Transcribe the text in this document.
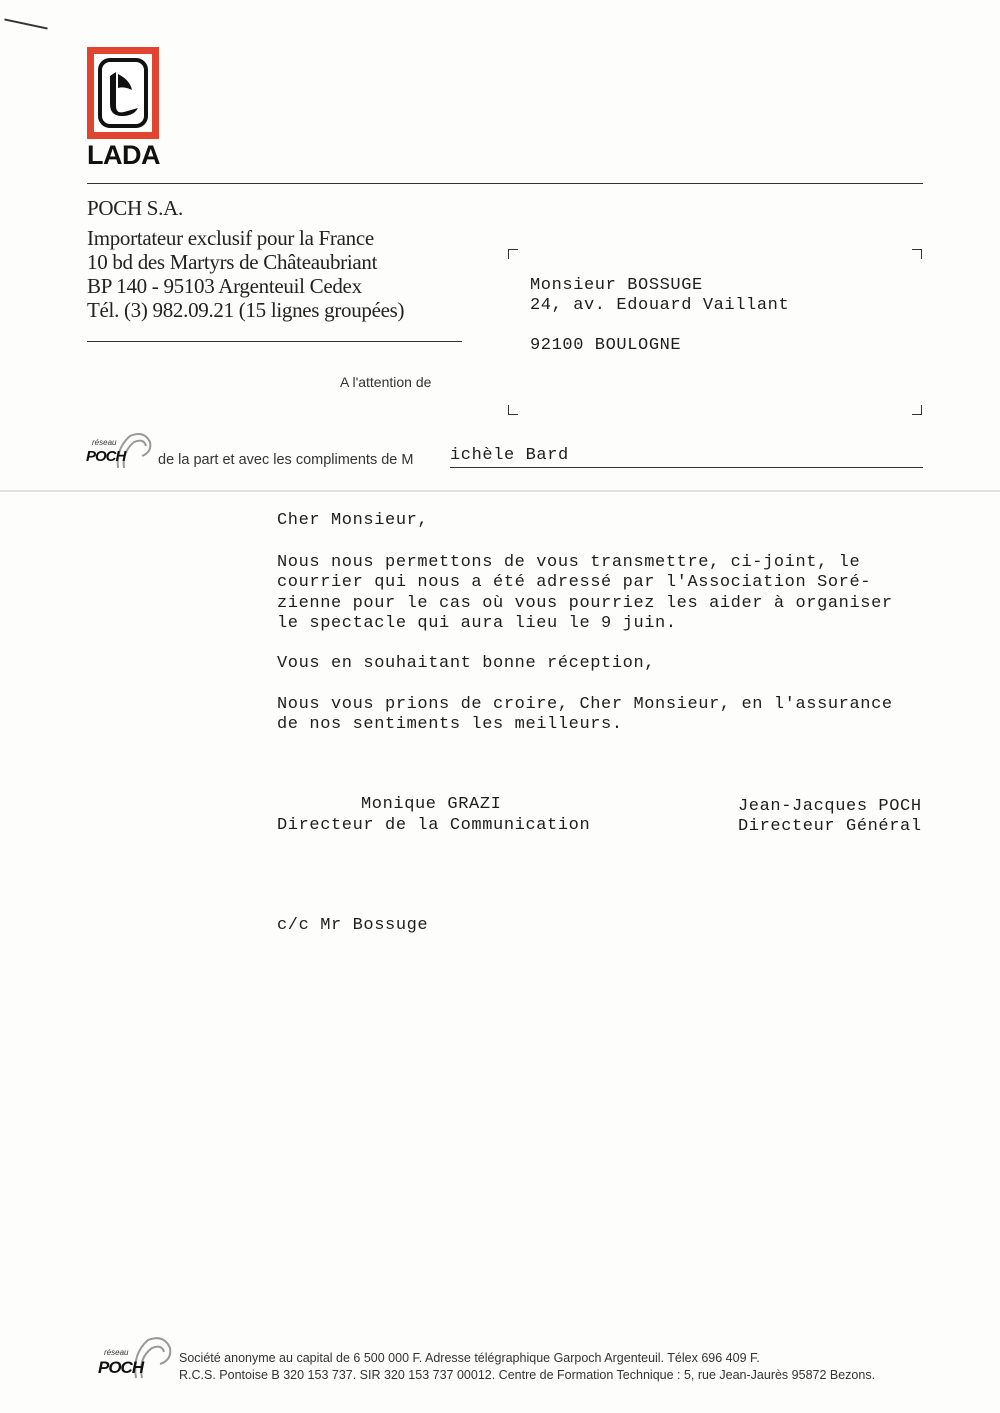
LADA
POCH S.A.
Importateur exclusif pour la France
10 bd des Martyrs de Châteaubriant
BP 140 - 95103 Argenteuil Cedex
Tél. (3) 982.09.21 (15 lignes groupées)
A l'attention de
Monsieur BOSSUGE
24, av. Edouard Vaillant
92100 BOULOGNE
réseau
POCH de la part et avec les compliments de M ichèle Bard
Cher Monsieur,
Nous nous permettons de vous transmettre, ci-joint, le
courrier qui nous a été adressé par l'Association Soré-
zienne pour le cas où vous pourriez les aider à organiser
le spectacle qui aura lieu le 9 juin.
Vous en souhaitant bonne réception,
Nous vous prions de croire, Cher Monsieur, en l'assurance
de nos sentiments les meilleurs.
Monique GRAZI
Directeur de la Communication
Jean-Jacques POCH
Directeur Général
c/c Mr Bossuge
réseau
POCH	Société anonyme au capital de 6 500 000 F. Adresse télégraphique Garpoch Argenteuil. Télex 696 409 F.
R.C.S. Pontoise B 320 153 737. SIR 320 153 737 00012. Centre de Formation Technique : 5, rue Jean-Jaurès 95872 Bezons.
